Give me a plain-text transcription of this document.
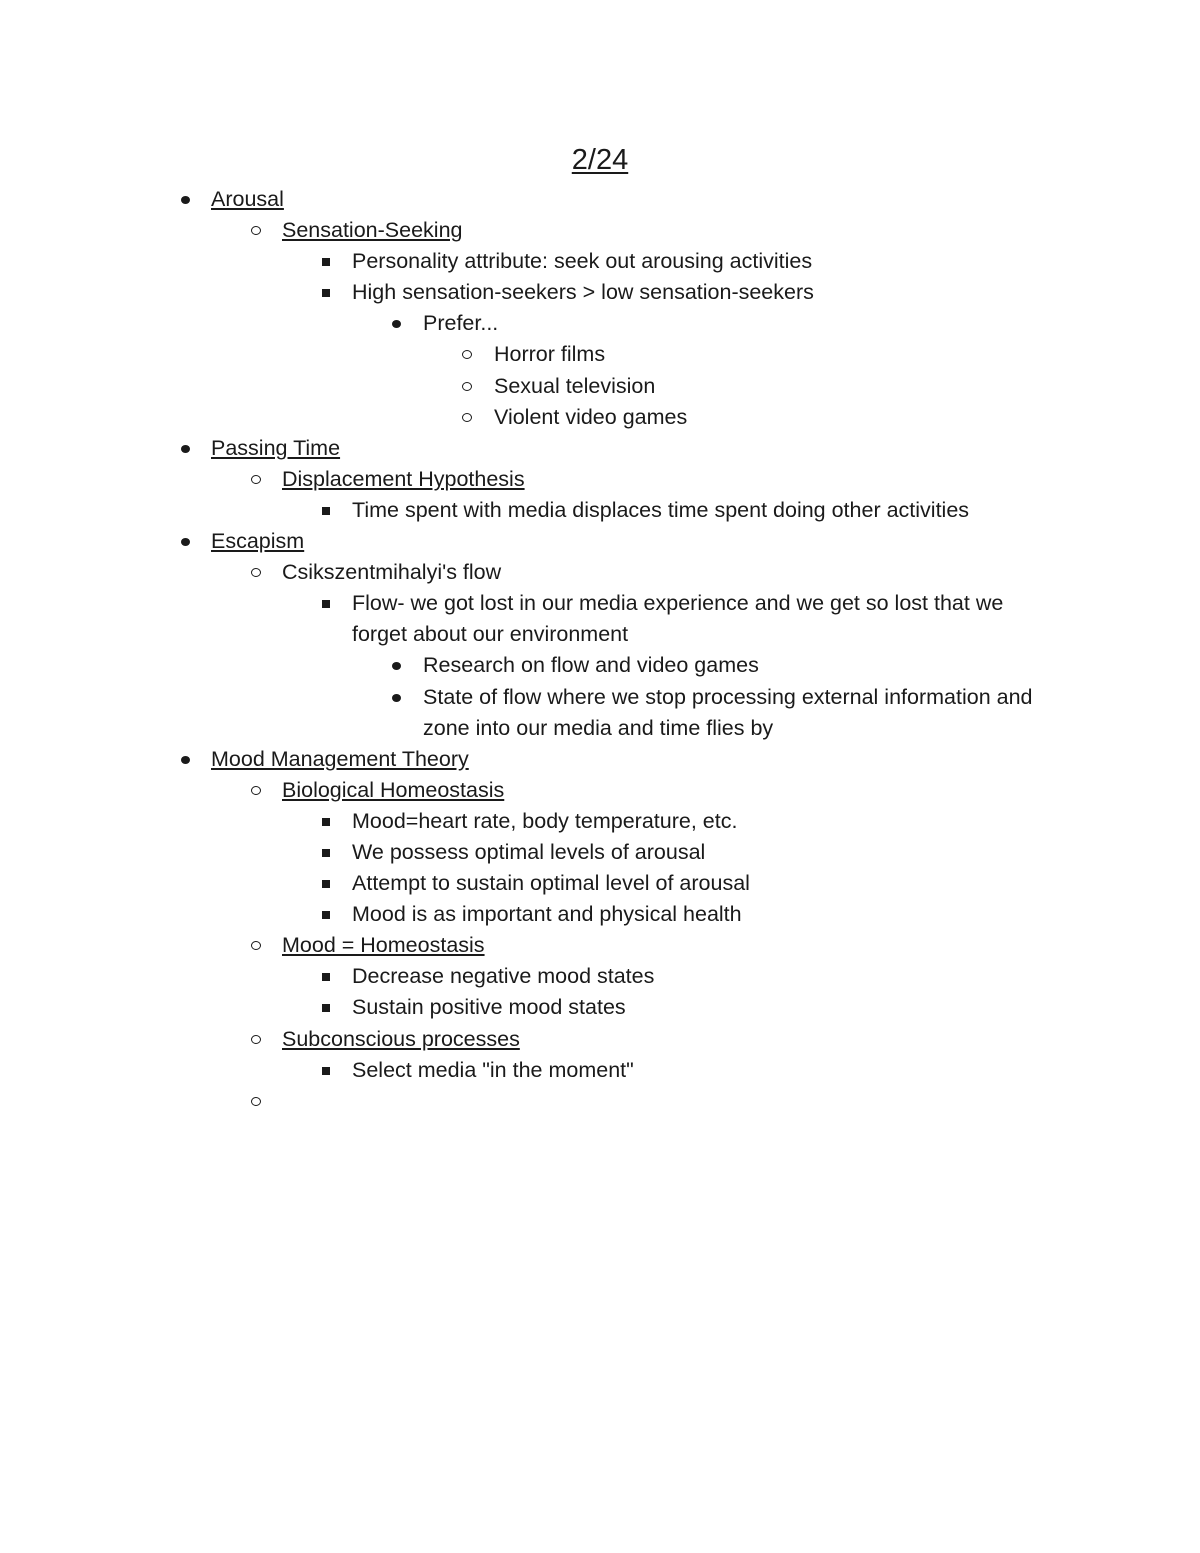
2/24
Arousal
Sensation-Seeking
Personality attribute: seek out arousing activities
High sensation-seekers > low sensation-seekers
Prefer...
Horror films
Sexual television
Violent video games
Passing Time
Displacement Hypothesis
Time spent with media displaces time spent doing other activities
Escapism
Csikszentmihalyi's flow
Flow- we got lost in our media experience and we get so lost that we forget about our environment
Research on flow and video games
State of flow where we stop processing external information and zone into our media and time flies by
Mood Management Theory
Biological Homeostasis
Mood=heart rate, body temperature, etc.
We possess optimal levels of arousal
Attempt to sustain optimal level of arousal
Mood is as important and physical health
Mood = Homeostasis
Decrease negative mood states
Sustain positive mood states
Subconscious processes
Select media "in the moment"
